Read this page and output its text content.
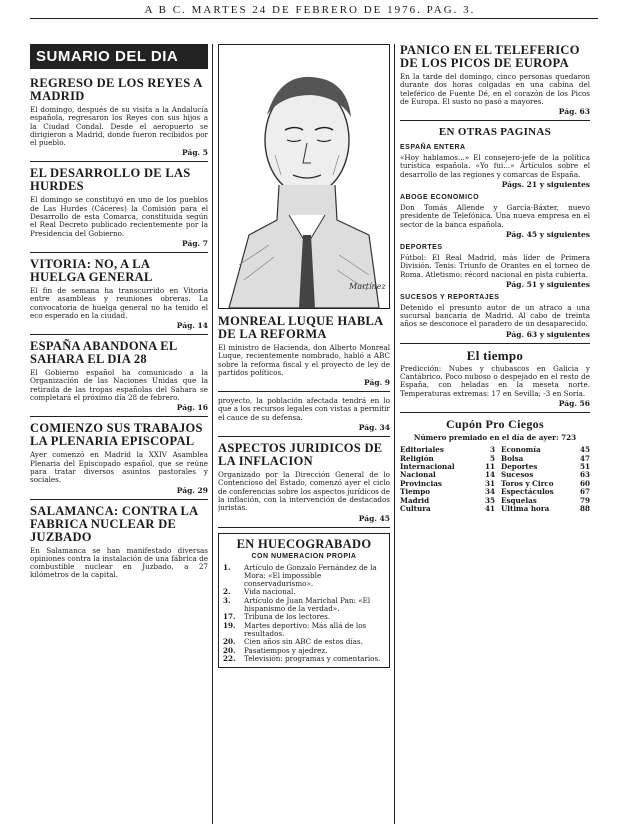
A B C. MARTES 24 DE FEBRERO DE 1976. PAG. 3.
SUMARIO DEL DIA
REGRESO DE LOS REYES A MADRID
El domingo, después de su visita a la Andalucía española, regresaron los Reyes con sus hijos a la Ciudad Condal. Desde el aeropuerto se dirigieron a Madrid, donde fueron recibidos por el pueblo.
Pág. 5
EL DESARROLLO DE LAS HURDES
El domingo se constituyó en uno de los pueblos de Las Hurdes (Cáceres) la Comisión para el Desarrollo de esta Comarca, constituida según el Real Decreto publicado recientemente por la Presidencia del Gobierno.
Pág. 7
VITORIA: NO, A LA HUELGA GENERAL
El fin de semana ha transcurrido en Vitoria entre asambleas y reuniones obreras. La convocatoria de huelga general no ha tenido el eco esperado en la ciudad.
Pág. 14
ESPAÑA ABANDONA EL SAHARA EL DIA 28
El Gobierno español ha comunicado a la Organización de las Naciones Unidas que la retirada de las tropas españolas del Sahara se completará el próximo día 28 de febrero.
Pág. 16
COMIENZO SUS TRABAJOS LA PLENARIA EPISCOPAL
Ayer comenzó en Madrid la XXIV Asamblea Plenaria del Episcopado español, que se reúne para tratar diversos asuntos pastorales y sociales.
Pág. 29
SALAMANCA: CONTRA LA FABRICA NUCLEAR DE JUZBADO
En Salamanca se han manifestado diversas opiniones contra la instalación de una fábrica de combustible nuclear en Juzbado, a 27 kilómetros de la capital.
Martínez
MONREAL LUQUE HABLA DE LA REFORMA
El ministro de Hacienda, don Alberto Monreal Luque, recientemente nombrado, habló a ABC sobre la reforma fiscal y el proyecto de ley de partidos políticos.
Pág. 9
proyecto, la población afectada tendrá en lo que a los recursos legales con vistas a permitir el cauce de su defensa.
Pág. 34
ASPECTOS JURIDICOS DE LA INFLACION
Organizado por la Dirección General de lo Contencioso del Estado, comenzó ayer el ciclo de conferencias sobre los aspectos jurídicos de la inflación, con la intervención de destacados juristas.
Pág. 45
EN HUECOGRABADO
CON NUMERACION PROPIA
1.	Artículo de Gonzalo Fernández de la Mora: «El impossible conservadurismo».
2.	Vida nacional.
3.	Artículo de Juan Marichal Pan: «El hispanismo de la verdad».
17.	Tribuna de los lectores.
19.	Martes deportivo: Más allá de los resultados.
20.	Cien años sin ABC de estos días.
20.	Pasatiempos y ajedrez.
22.	Televisión: programas y comentarios.
PANICO EN EL TELEFERICO DE LOS PICOS DE EUROPA
En la tarde del domingo, cinco personas quedaron durante dos horas colgadas en una cabina del teleférico de Fuente Dé, en el corazón de los Picos de Europa. El susto no pasó a mayores.
Pág. 63
EN OTRAS PAGINAS
ESPAÑA ENTERA
«Hoy hablamos...» El consejero-jefe de la política turística española. «Yo fui...» Artículos sobre el desarrollo de las regiones y comarcas de España.
Págs. 21 y siguientes
ABOGE ECONOMICO
Don Tomás Allende y García-Báxter, nuevo presidente de Telefónica. Una nueva empresa en el sector de la banca española.
Pág. 45 y siguientes
DEPORTES
Fútbol: El Real Madrid, más líder de Primera División. Tenis: Triunfo de Orantes en el torneo de Roma. Atletismo: récord nacional en pista cubierta.
Pág. 51 y siguientes
SUCESOS Y REPORTAJES
Detenido el presunto autor de un atraco a una sucursal bancaria de Madrid. Al cabo de treinta años se desconoce el paradero de un desaparecido.
Pág. 63 y siguientes
El tiempo
Predicción: Nubes y chubascos en Galicia y Cantábrico. Poco nuboso o despejado en el resto de España, con heladas en la meseta norte. Temperaturas extremas: 17 en Sevilla; -3 en Soria.
Pág. 56
Cupón Pro Ciegos
Número premiado en el día de ayer: 723
Editoriales	3 Economía	45
Religión	5 Bolsa	47
Internacional	11 Deportes	51
Nacional	14 Sucesos	63
Provincias	31 Toros y Circo	60
Tiempo	34 Espectáculos	67
Madrid	35 Esquelas	79
Cultura	41 Ultima hora	88
